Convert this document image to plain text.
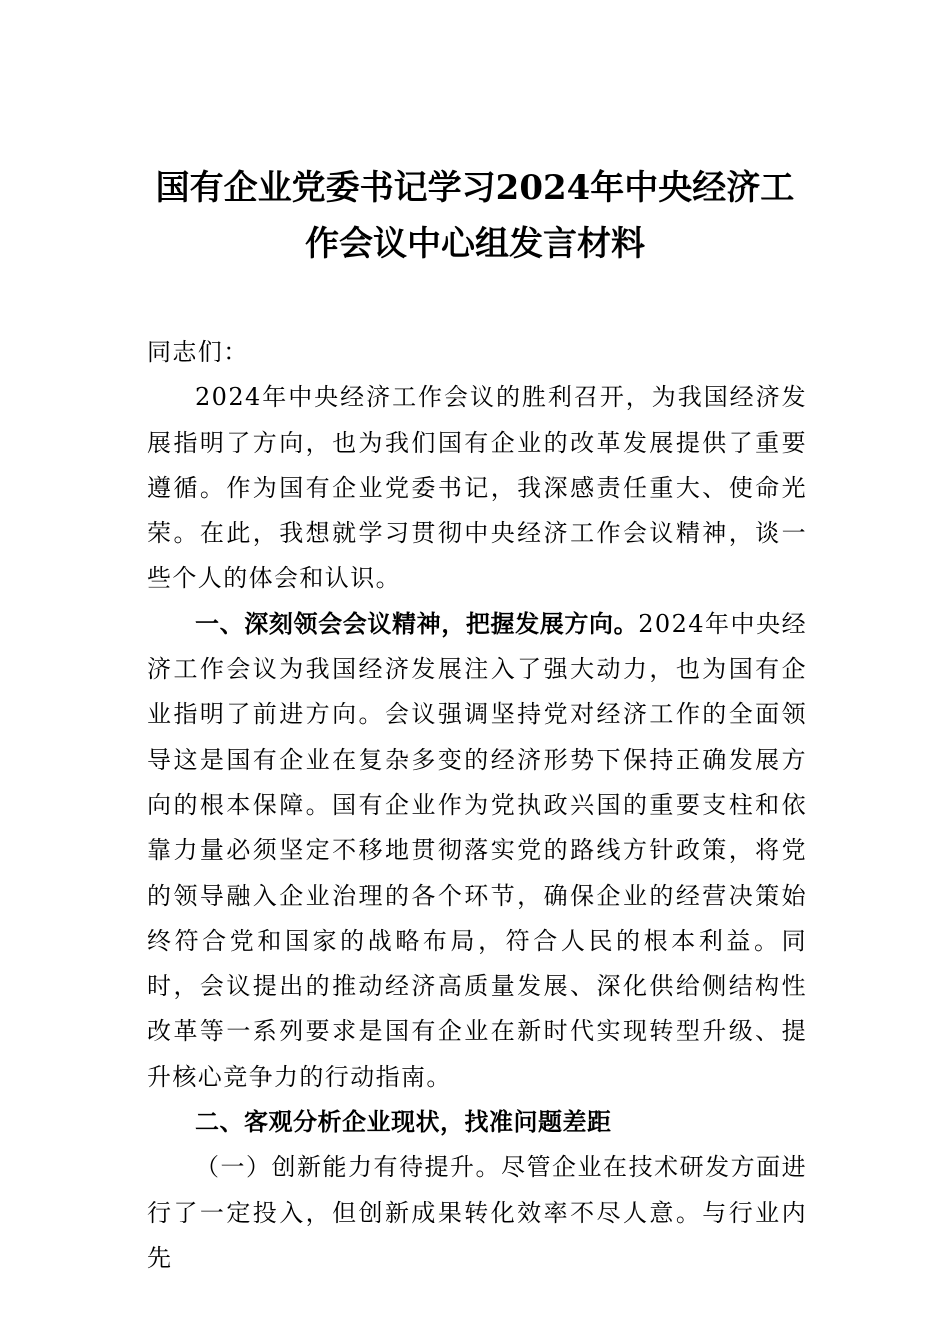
国有企业党委书记学习2024年中央经济工
作会议中心组发言材料

同志们：

2024年中央经济工作会议的胜利召开，为我国经济发展指明了方向，也为我们国有企业的改革发展提供了重要遵循。作为国有企业党委书记，我深感责任重大、使命光荣。在此，我想就学习贯彻中央经济工作会议精神，谈一些个人的体会和认识。

一、深刻领会会议精神，把握发展方向。2024年中央经济工作会议为我国经济发展注入了强大动力，也为国有企业指明了前进方向。会议强调坚持党对经济工作的全面领导这是国有企业在复杂多变的经济形势下保持正确发展方向的根本保障。国有企业作为党执政兴国的重要支柱和依靠力量必须坚定不移地贯彻落实党的路线方针政策，将党的领导融入企业治理的各个环节，确保企业的经营决策始终符合党和国家的战略布局，符合人民的根本利益。同时，会议提出的推动经济高质量发展、深化供给侧结构性改革等一系列要求是国有企业在新时代实现转型升级、提升核心竞争力的行动指南。

二、客观分析企业现状，找准问题差距

（一）创新能力有待提升。尽管企业在技术研发方面进行了一定投入，但创新成果转化效率不尽人意。与行业内先
